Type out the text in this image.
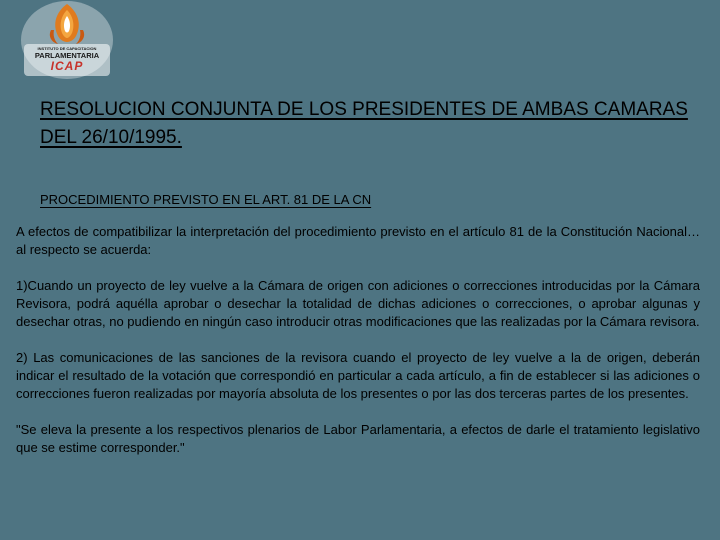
INSTITUTO DE CAPACITACION
PARLAMENTARIA
ICAP
RESOLUCION CONJUNTA DE LOS PRESIDENTES DE AMBAS CAMARAS DEL 26/10/1995.
PROCEDIMIENTO PREVISTO EN EL ART. 81 DE LA CN

A efectos de compatibilizar la interpretación del procedimiento previsto en el artículo 81 de la Constitución Nacional… al respecto se acuerda:

1)Cuando un proyecto de ley vuelve a la Cámara de origen con adiciones o correcciones introducidas por la Cámara Revisora, podrá aquélla aprobar o desechar la totalidad de dichas adiciones o correcciones, o aprobar algunas y desechar otras, no pudiendo en ningún caso introducir otras modificaciones que las realizadas por la Cámara revisora.

2) Las comunicaciones de las sanciones de la revisora cuando el proyecto de ley vuelve a la de origen, deberán indicar el resultado de la votación que correspondió en particular a cada artículo, a fin de establecer si las adiciones o correcciones fueron realizadas por mayoría absoluta de los presentes o por las dos terceras partes de los presentes.

"Se eleva la presente a los respectivos plenarios de Labor Parlamentaria, a efectos de darle el tratamiento legislativo que se estime corresponder."
